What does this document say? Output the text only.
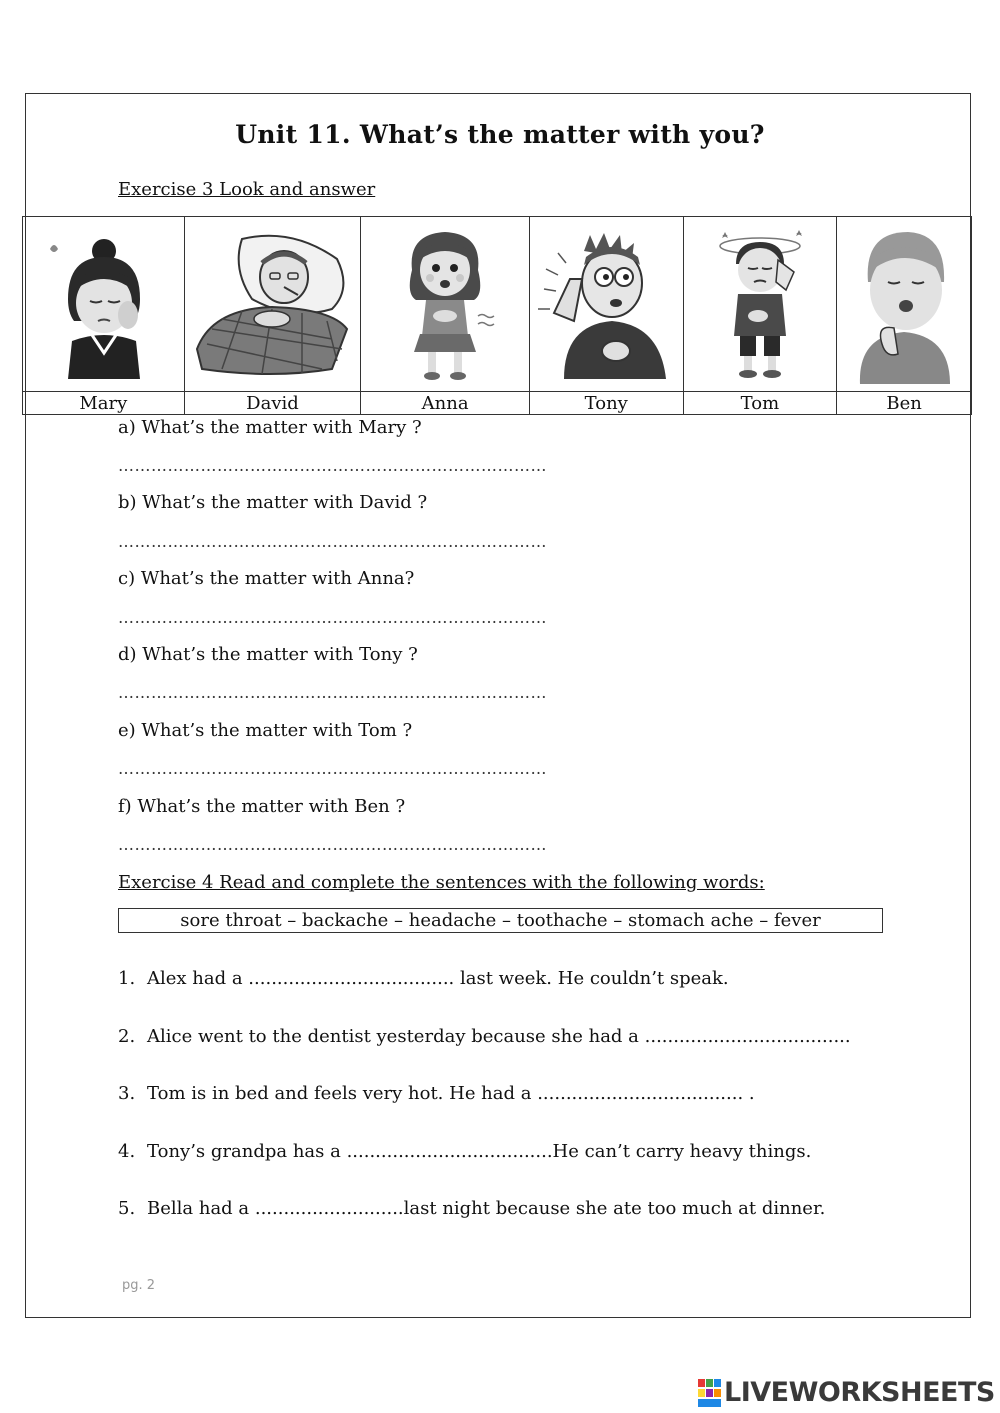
Unit 11. What’s the matter with you?
Exercise 3 Look and answer
Mary	David	Anna	Tony	Tom	Ben
a) What’s the matter with Mary ?
……………………………………………………………………
b) What’s the matter with David ?
……………………………………………………………………
c) What’s the matter with Anna?
……………………………………………………………………
d) What’s the matter with Tony ?
……………………………………………………………………
e) What’s the matter with Tom ?
……………………………………………………………………
f) What’s the matter with Ben ?
……………………………………………………………………
Exercise 4 Read and complete the sentences with the following words:
sore throat – backache – headache – toothache – stomach ache – fever
1. Alex had a .................................... last week. He couldn’t speak.
2. Alice went to the dentist yesterday because she had a ....................................
3. Tom is in bed and feels very hot. He had a .................................... .
4. Tony’s grandpa has a ....................................He can’t carry heavy things.
5. Bella had a ..........................last night because she ate too much at dinner.
pg. 2
LIVEWORKSHEETS
